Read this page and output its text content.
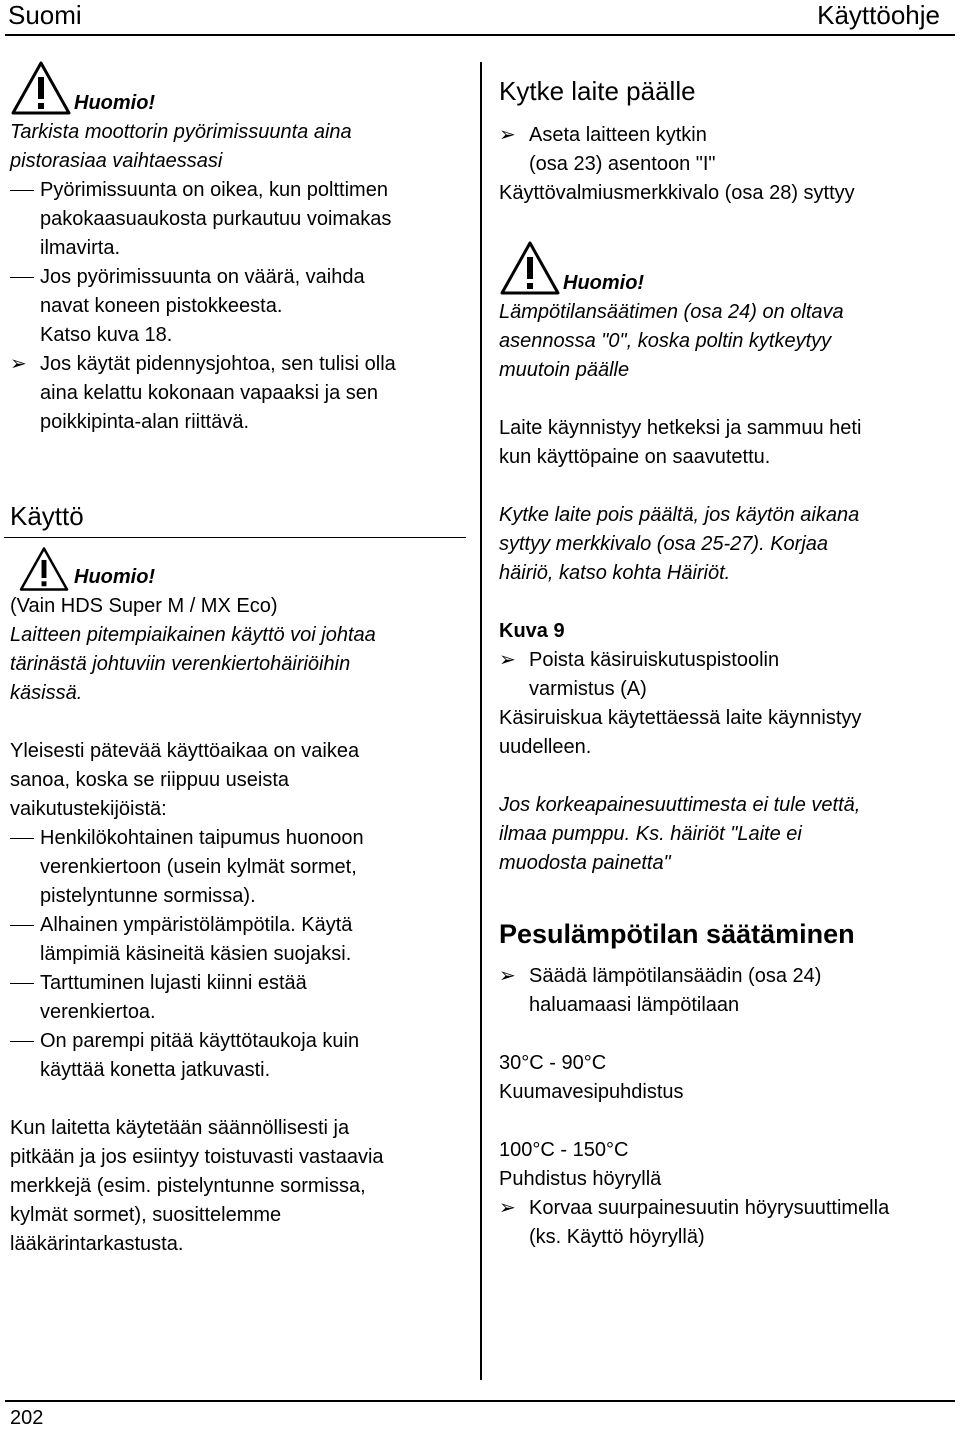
Suomi	Käyttöohje
Huomio!
Tarkista moottorin pyörimissuunta aina
pistorasiaa vaihtaessasi
Pyörimissuunta on oikea, kun polttimen
pakokaasuaukosta purkautuu voimakas
ilmavirta.
Jos pyörimissuunta on väärä, vaihda
navat koneen pistokkeesta.
Katso kuva 18.
➢ Jos käytät pidennysjohtoa, sen tulisi olla
aina kelattu kokonaan vapaaksi ja sen
poikkipinta-alan riittävä.
Käyttö
Huomio!
(Vain HDS Super M / MX Eco)
Laitteen pitempiaikainen käyttö voi johtaa
tärinästä johtuviin verenkiertohäiriöihin
käsissä.
Yleisesti pätevää käyttöaikaa on vaikea
sanoa, koska se riippuu useista
vaikutustekijöistä:
Henkilökohtainen taipumus huonoon
verenkiertoon (usein kylmät sormet,
pistelyntunne sormissa).
Alhainen ympäristölämpötila. Käytä
lämpimiä käsineitä käsien suojaksi.
Tarttuminen lujasti kiinni estää
verenkiertoa.
On parempi pitää käyttötaukoja kuin
käyttää konetta jatkuvasti.
Kun laitetta käytetään säännöllisesti ja
pitkään ja jos esiintyy toistuvasti vastaavia
merkkejä (esim. pistelyntunne sormissa,
kylmät sormet), suosittelemme
lääkärintarkastusta.
Kytke laite päälle
➢ Aseta laitteen kytkin
(osa 23) asentoon "I"
Käyttövalmiusmerkkivalo (osa 28) syttyy
Huomio!
Lämpötilansäätimen (osa 24) on oltava
asennossa "0", koska poltin kytkeytyy
muutoin päälle
Laite käynnistyy hetkeksi ja sammuu heti
kun käyttöpaine on saavutettu.
Kytke laite pois päältä, jos käytön aikana
syttyy merkkivalo (osa 25-27). Korjaa
häiriö, katso kohta Häiriöt.
Kuva 9
➢ Poista käsiruiskutuspistoolin
varmistus (A)
Käsiruiskua käytettäessä laite käynnistyy
uudelleen.
Jos korkeapainesuuttimesta ei tule vettä,
ilmaa pumppu. Ks. häiriöt "Laite ei
muodosta painetta"
Pesulämpötilan säätäminen
➢ Säädä lämpötilansäädin (osa 24)
haluamaasi lämpötilaan
30°C - 90°C
Kuumavesipuhdistus
100°C - 150°C
Puhdistus höyryllä
➢ Korvaa suurpainesuutin höyrysuuttimella
(ks. Käyttö höyryllä)
202
